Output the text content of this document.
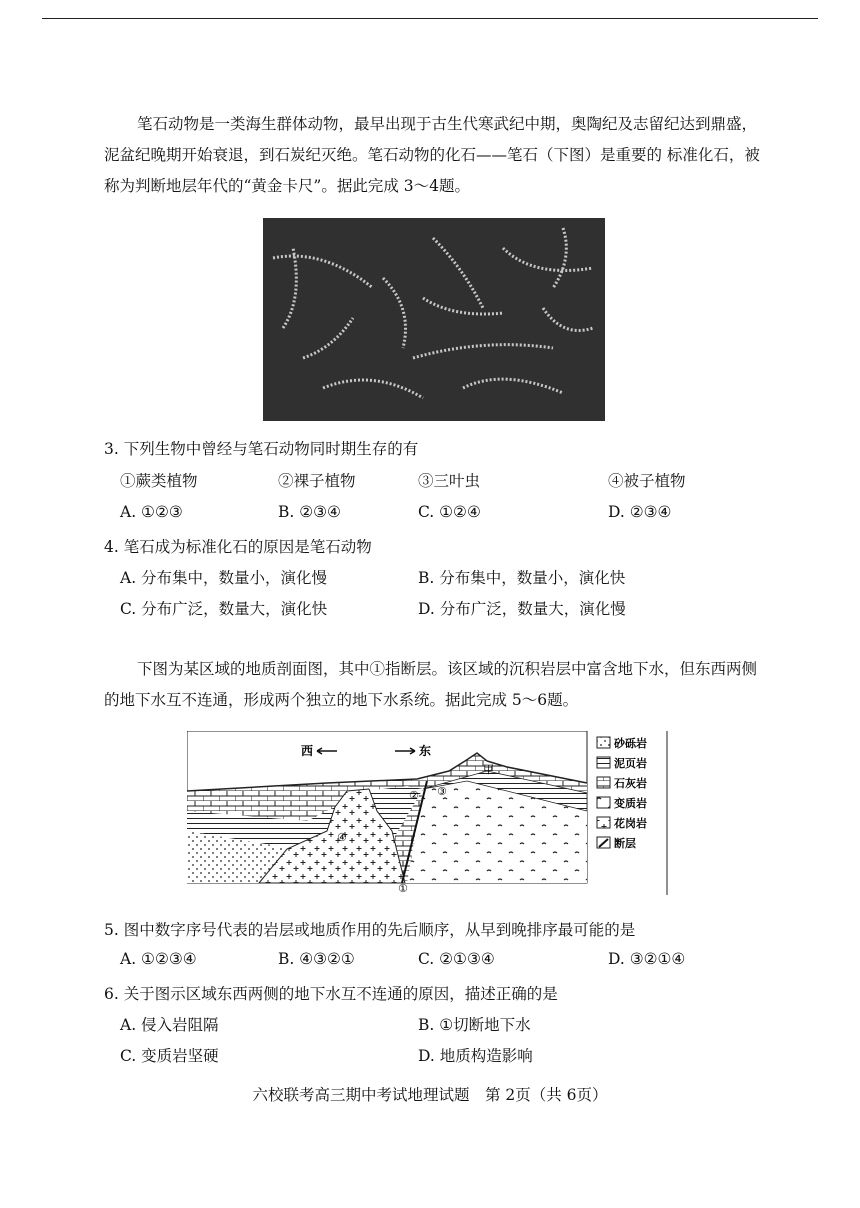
笔石动物是一类海生群体动物，最早出现于古生代寒武纪中期，奥陶纪及志留纪达到鼎盛，泥盆纪晚期开始衰退，到石炭纪灭绝。笔石动物的化石——笔石（下图）是重要的 标准化石，被称为判断地层年代的“黄金卡尺”。据此完成 3～4题。

3. 下列生物中曾经与笔石动物同时期生存的有
①蕨类植物	②裸子植物	③三叶虫	④被子植物
A. ①②③	B. ②③④	C. ①②④	D. ②③④
4. 笔石成为标准化石的原因是笔石动物
A. 分布集中，数量小，演化慢	B. 分布集中，数量小，演化快
C. 分布广泛，数量大，演化快	D. 分布广泛，数量大，演化慢

下图为某区域的地质剖面图，其中①指断层。该区域的沉积岩层中富含地下水，但东西两侧的地下水互不连通，形成两个独立的地下水系统。据此完成 5～6题。

西	东
甲
①
② ③
④
砂砾岩
泥页岩
石灰岩
变质岩
花岗岩
断层
5. 图中数字序号代表的岩层或地质作用的先后顺序，从早到晚排序最可能的是
A. ①②③④	B. ④③②①	C. ②①③④	D. ③②①④
6. 关于图示区域东西两侧的地下水互不连通的原因，描述正确的是
A. 侵入岩阻隔	B. ①切断地下水
C. 变质岩坚硬	D. 地质构造影响
六校联考高三期中考试地理试题　第 2页（共 6页）
